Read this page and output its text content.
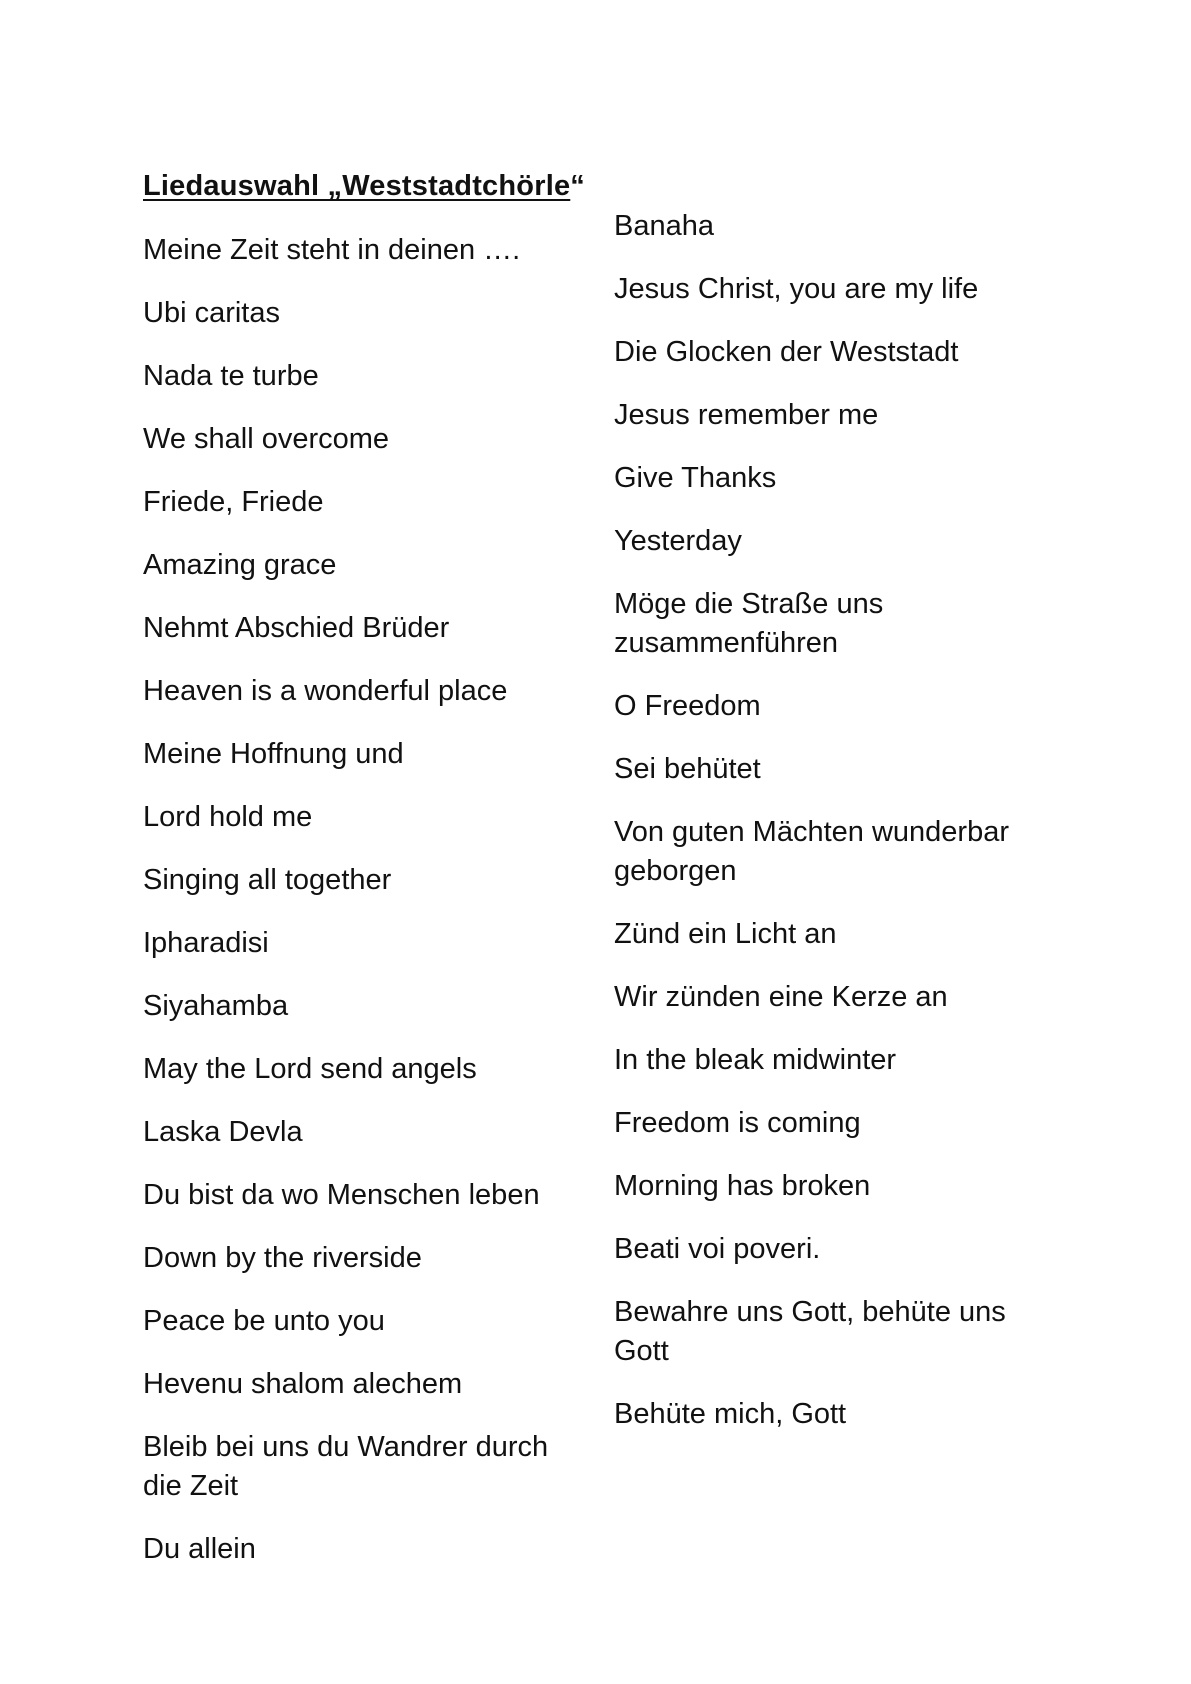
Liedauswahl „Weststadtchörle“
Meine Zeit steht in deinen ….
Ubi caritas
Nada te turbe
We shall overcome
Friede, Friede
Amazing grace
Nehmt Abschied Brüder
Heaven is a wonderful place
Meine Hoffnung und
Lord hold me
Singing all together
Ipharadisi
Siyahamba
May the Lord send angels
Laska Devla
Du bist da wo Menschen leben
Down by the riverside
Peace be unto you
Hevenu shalom alechem
Bleib bei uns du Wandrer durch die Zeit
Du allein
Banaha
Jesus Christ, you are my life
Die Glocken der Weststadt
Jesus remember me
Give Thanks
Yesterday
Möge die Straße uns zusammenführen
O Freedom
Sei behütet
Von guten Mächten wunderbar geborgen
Zünd ein Licht an
Wir zünden eine Kerze an
In the bleak midwinter
Freedom is coming
Morning has broken
Beati voi poveri.
Bewahre uns Gott, behüte uns Gott
Behüte mich, Gott
